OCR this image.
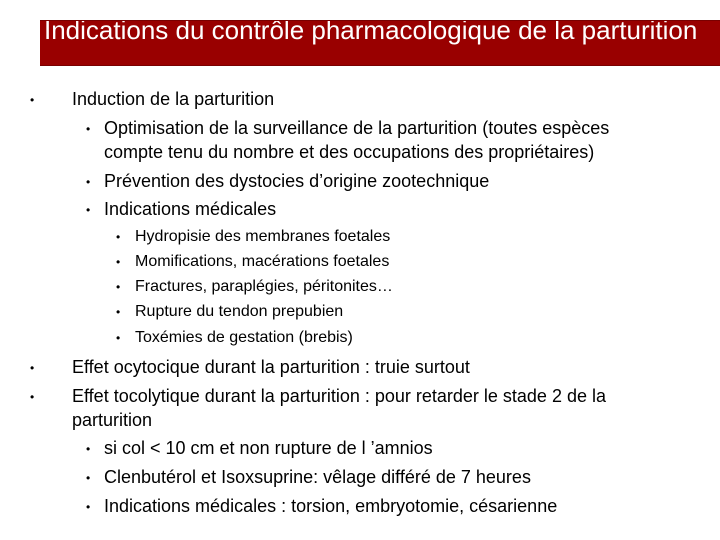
Indications du contrôle pharmacologique de la parturition
• Induction de la parturition
• Optimisation de la surveillance de la parturition (toutes espèces
compte tenu du nombre et des occupations des propriétaires)
• Prévention des dystocies d’origine zootechnique
• Indications médicales
• Hydropisie des membranes foetales
• Momifications, macérations foetales
• Fractures, paraplégies, péritonites…
• Rupture du tendon prepubien
• Toxémies de gestation (brebis)
• Effet ocytocique durant la parturition : truie surtout
• Effet tocolytique durant la parturition : pour retarder le stade 2 de la
parturition
• si col < 10 cm et non rupture de l ’amnios
• Clenbutérol et Isoxsuprine: vêlage différé de 7 heures
• Indications médicales : torsion, embryotomie, césarienne
